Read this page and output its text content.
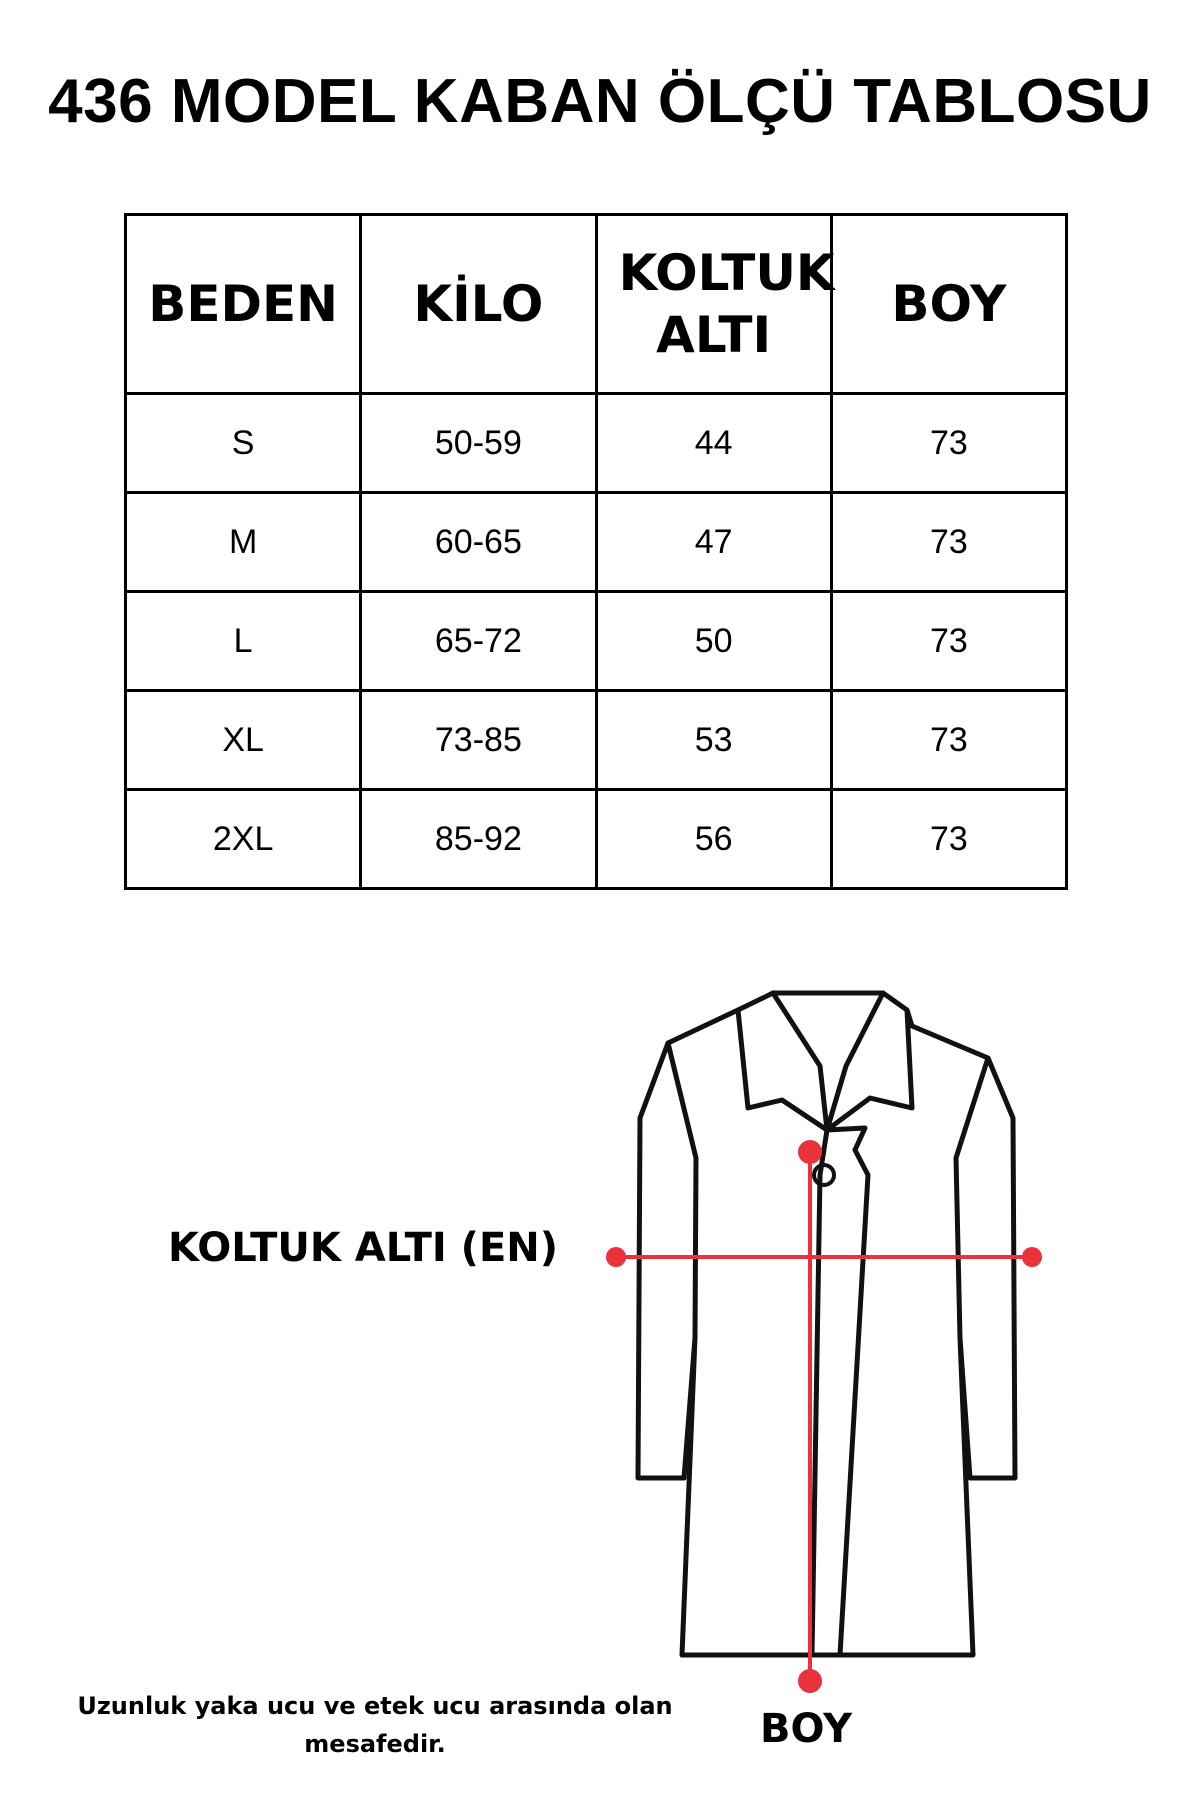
436 MODEL KABAN ÖLÇÜ TABLOSU
BEDEN	KİLO	KOLTUK ALTI	BOY
S	50-59	44	73
M	60-65	47	73
L	65-72	50	73
XL	73-85	53	73
2XL	85-92	56	73
KOLTUK ALTI (EN)
Uzunluk yaka ucu ve etek ucu arasında olan mesafedir.	BOY
